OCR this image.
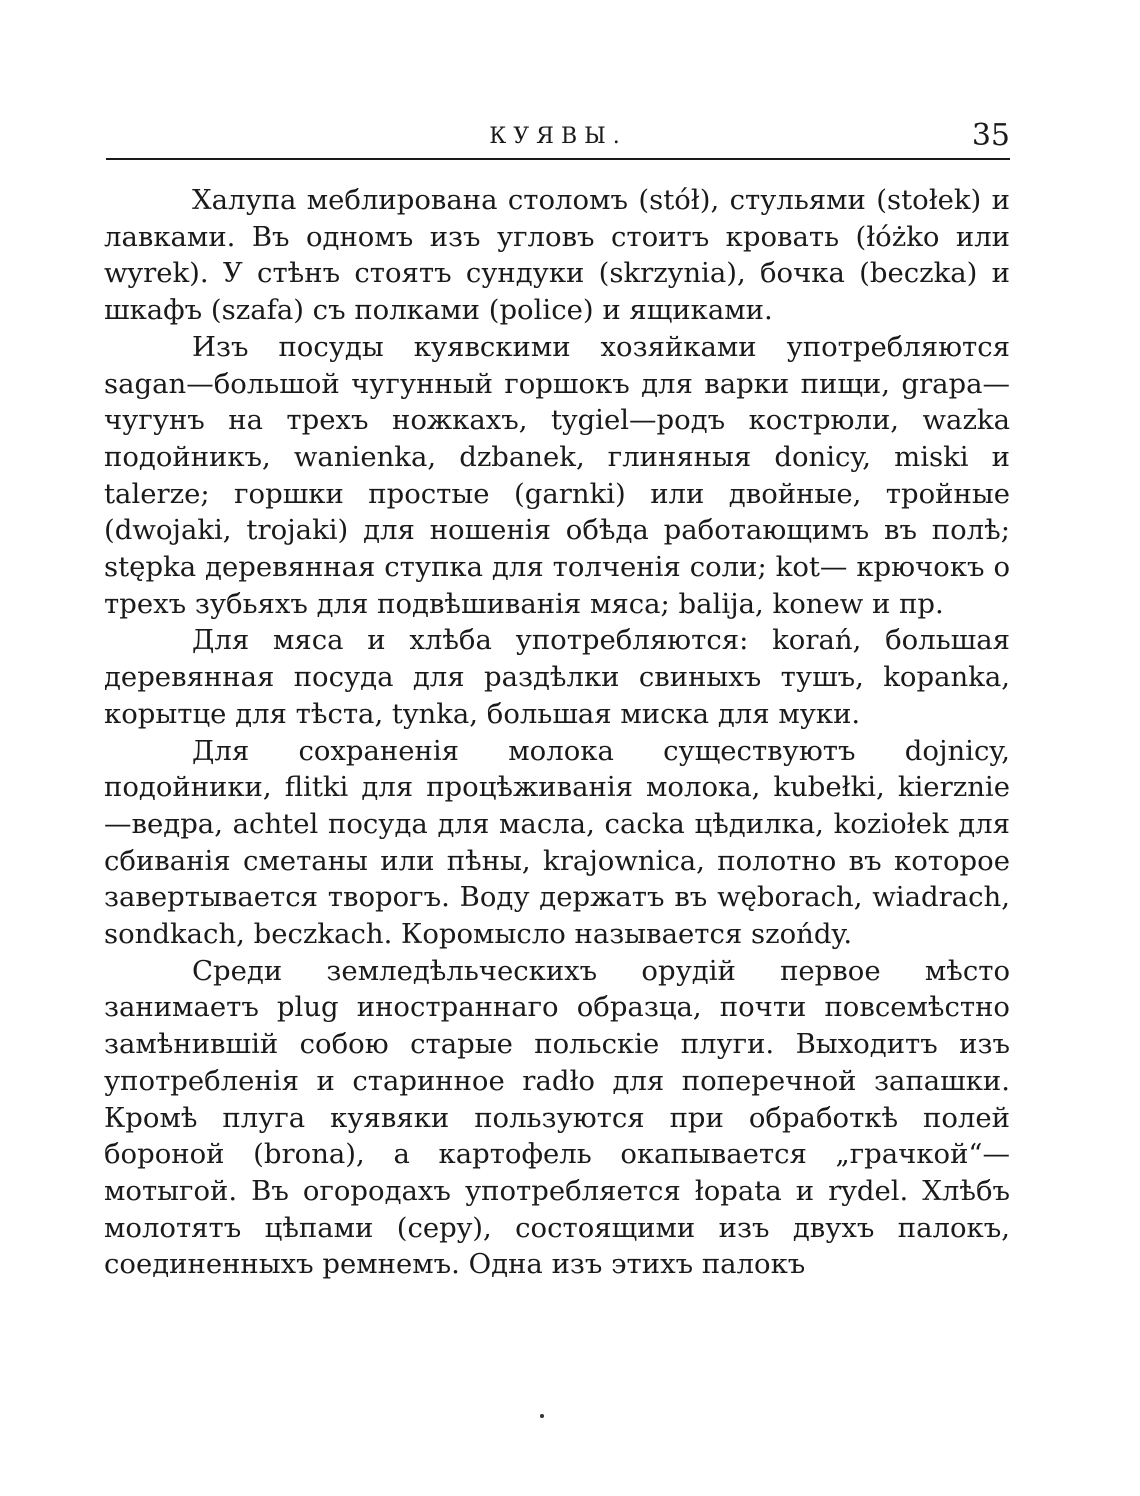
КУЯВЫ.	35

Халупа меблирована столомъ (stół), стульями (stołek) и лавками. Въ одномъ изъ угловъ стоитъ кровать (łóżko или wyrek). У стѣнъ стоятъ сундуки (skrzynia), бочка (beczka) и шкафъ (szafa) съ полками (police) и ящиками.

Изъ посуды куявскими хозяйками употребляются sagan—большой чугунный горшокъ для варки пищи, grapa—чугунъ на трехъ ножкахъ, tygiel—родъ кострюли, wazka подойникъ, wanienka, dzbanek, глиняныя donicy, miski и talerze; горшки простые (garnki) или двойные, тройные (dwojaki, trojaki) для ношенія обѣда работающимъ въ полѣ; stępka деревянная ступка для толченія соли; kot— крючокъ о трехъ зубьяхъ для подвѣшиванія мяса; balija, konew и пр.

Для мяса и хлѣба употребляются: korań, большая деревянная посуда для раздѣлки свиныхъ тушъ, kopanka, корытце для тѣста, tynka, большая миска для муки.

Для сохраненія молока существуютъ dojnicy, подойники, flitki для процѣживанія молока, kubełki, kierznie —ведра, achtel посуда для масла, cacka цѣдилка, koziołek для сбиванія сметаны или пѣны, krajownica, полотно въ которое завертывается творогъ. Воду держатъ въ węborach, wiadrach, sondkach, beczkach. Коромысло называется szońdy.

Среди земледѣльческихъ орудій первое мѣсто занимаетъ plug иностраннаго образца, почти повсемѣстно замѣнившій собою старые польскіе плуги. Выходитъ изъ употребленія и старинное radło для поперечной запашки. Кромѣ плуга куявяки пользуются при обработкѣ полей бороной (brona), а картофель окапывается „грачкой“—мотыгой. Въ огородахъ употребляется łopata и rydel. Хлѣбъ молотятъ цѣпами (cepy), состоящими изъ двухъ палокъ, соединенныхъ ремнемъ. Одна изъ этихъ палокъ
